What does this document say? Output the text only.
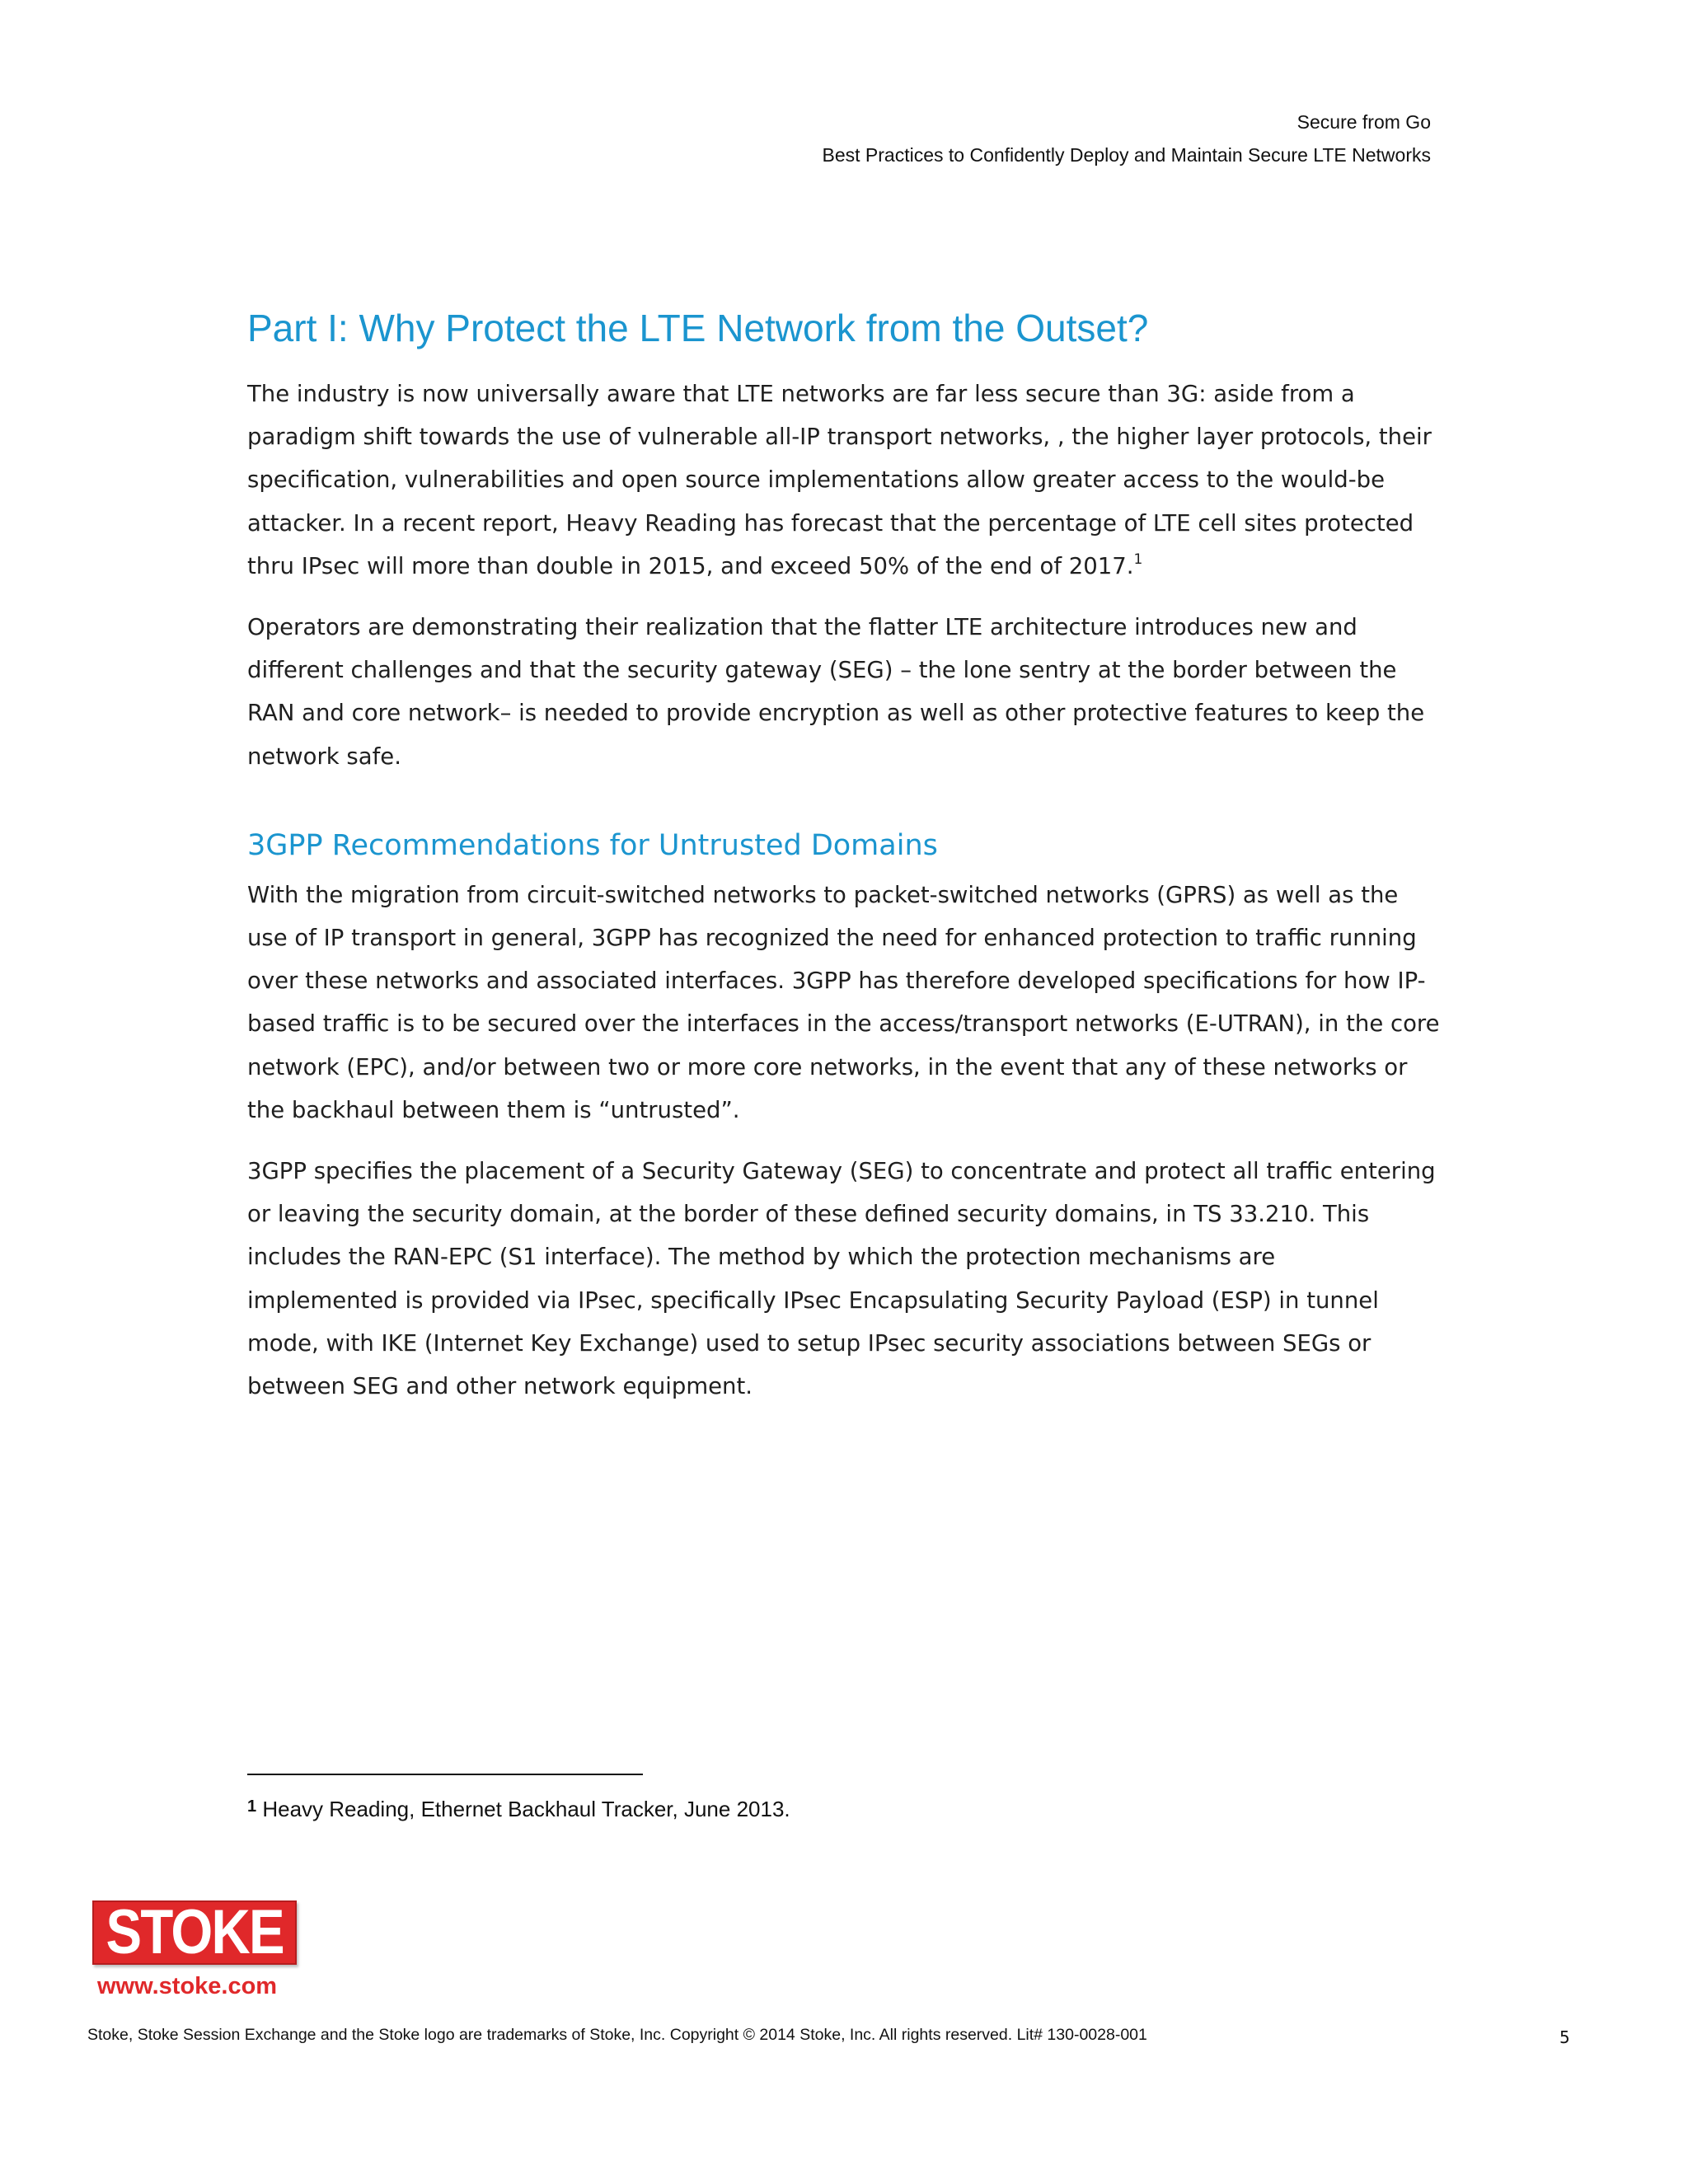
Secure from Go
Best Practices to Confidently Deploy and Maintain Secure LTE Networks
Part I: Why Protect the LTE Network from the Outset?

The industry is now universally aware that LTE networks are far less secure than 3G: aside from a
paradigm shift towards the use of vulnerable all-IP transport networks, , the higher layer protocols, their
specification, vulnerabilities and open source implementations allow greater access to the would-be
attacker. In a recent report, Heavy Reading has forecast that the percentage of LTE cell sites protected
thru IPsec will more than double in 2015, and exceed 50% of the end of 2017.$^1$

Operators are demonstrating their realization that the flatter LTE architecture introduces new and
different challenges and that the security gateway (SEG) – the lone sentry at the border between the
RAN and core network– is needed to provide encryption as well as other protective features to keep the
network safe.

3GPP Recommendations for Untrusted Domains

With the migration from circuit-switched networks to packet-switched networks (GPRS) as well as the
use of IP transport in general, 3GPP has recognized the need for enhanced protection to traffic running
over these networks and associated interfaces. 3GPP has therefore developed specifications for how IP-
based traffic is to be secured over the interfaces in the access/transport networks (E-UTRAN), in the core
network (EPC), and/or between two or more core networks, in the event that any of these networks or
the backhaul between them is “untrusted”.

3GPP specifies the placement of a Security Gateway (SEG) to concentrate and protect all traffic entering
or leaving the security domain, at the border of these defined security domains, in TS 33.210. This
includes the RAN-EPC (S1 interface). The method by which the protection mechanisms are
implemented is provided via IPsec, specifically IPsec Encapsulating Security Payload (ESP) in tunnel
mode, with IKE (Internet Key Exchange) used to setup IPsec security associations between SEGs or
between SEG and other network equipment.

$^1$ Heavy Reading, Ethernet Backhaul Tracker, June 2013.
STOKE
www.stoke.com
Stoke, Stoke Session Exchange and the Stoke logo are trademarks of Stoke, Inc. Copyright © 2014 Stoke, Inc. All rights reserved. Lit# 130-0028-001	5
